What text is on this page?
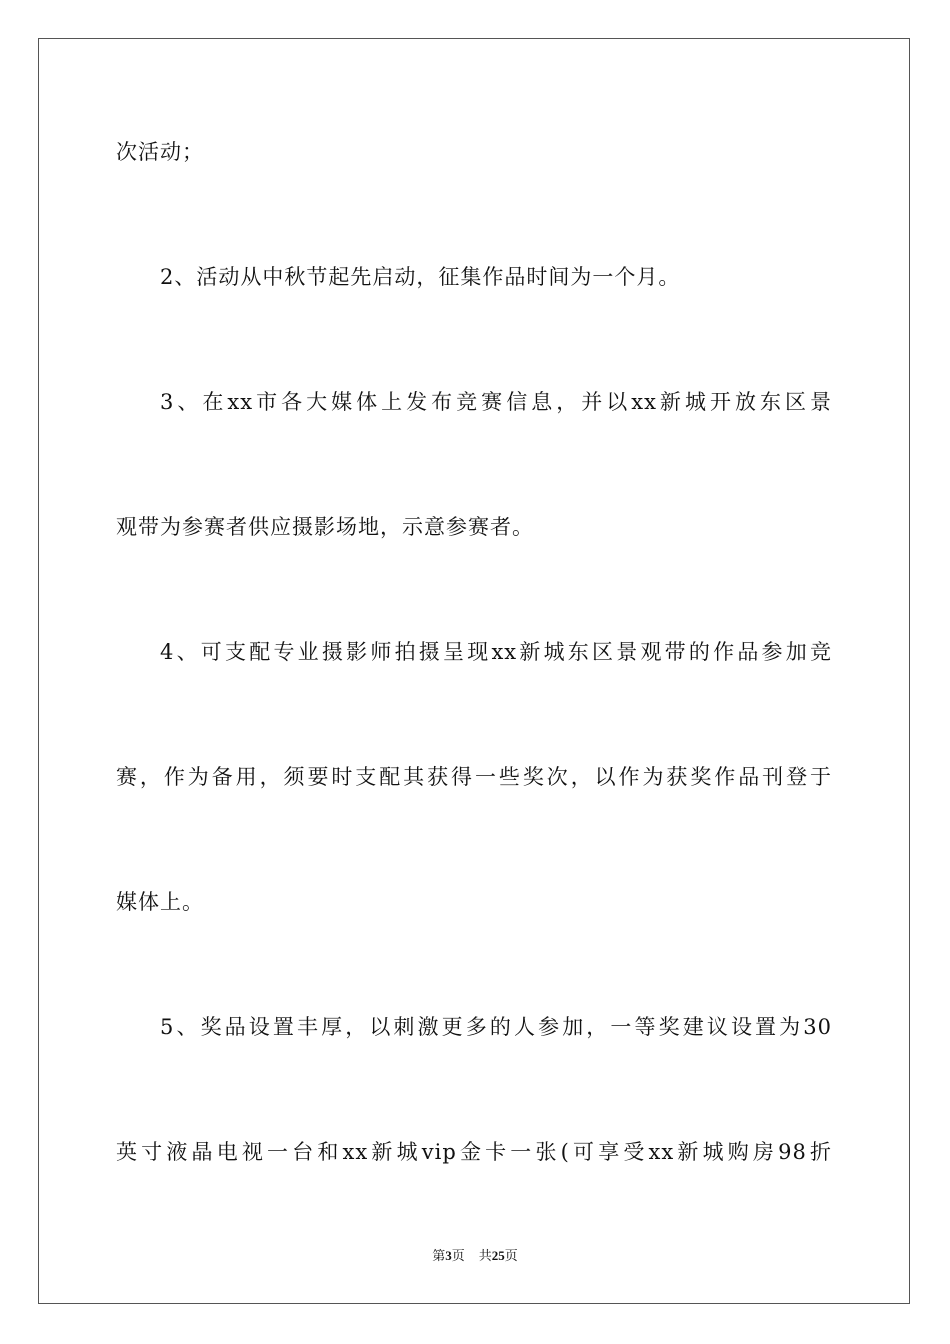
次活动；
2、活动从中秋节起先启动，征集作品时间为一个月。
3、在xx市各大媒体上发布竞赛信息，并以xx新城开放东区景
观带为参赛者供应摄影场地，示意参赛者。
4、可支配专业摄影师拍摄呈现xx新城东区景观带的作品参加竞
赛，作为备用，须要时支配其获得一些奖次，以作为获奖作品刊登于
媒体上。
5、奖品设置丰厚，以刺激更多的人参加，一等奖建议设置为30
英寸液晶电视一台和xx新城vip金卡一张(可享受xx新城购房98折
第3页 共25页
